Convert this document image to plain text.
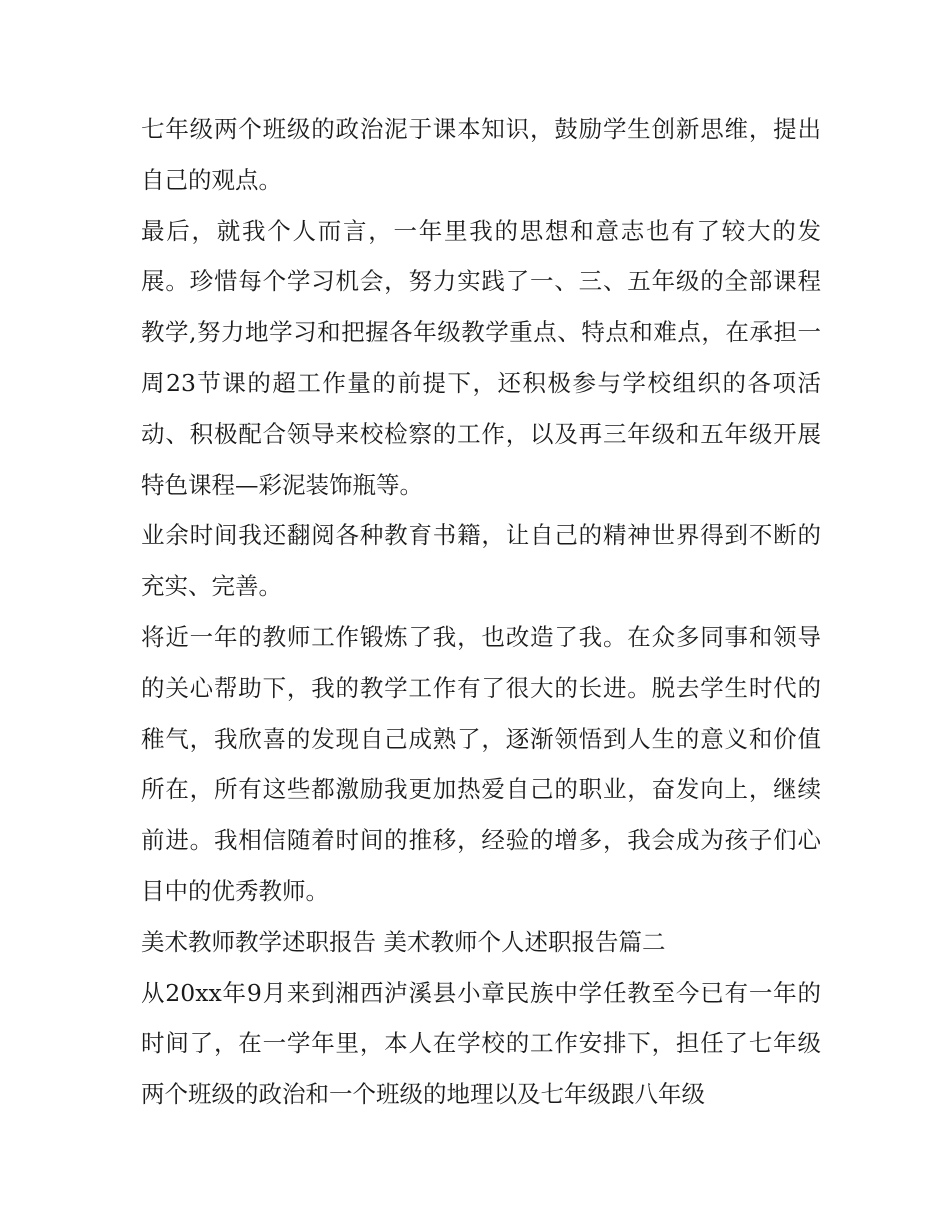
七年级两个班级的政治泥于课本知识，鼓励学生创新思维，提出自己的观点。

最后，就我个人而言，一年里我的思想和意志也有了较大的发展。珍惜每个学习机会，努力实践了一、三、五年级的全部课程教学,努力地学习和把握各年级教学重点、特点和难点，在承担一周23节课的超工作量的前提下，还积极参与学校组织的各项活动、积极配合领导来校检察的工作，以及再三年级和五年级开展特色课程—彩泥装饰瓶等。

业余时间我还翻阅各种教育书籍，让自己的精神世界得到不断的充实、完善。

将近一年的教师工作锻炼了我，也改造了我。在众多同事和领导的关心帮助下，我的教学工作有了很大的长进。脱去学生时代的稚气，我欣喜的发现自己成熟了，逐渐领悟到人生的意义和价值所在，所有这些都激励我更加热爱自己的职业，奋发向上，继续前进。我相信随着时间的推移，经验的增多，我会成为孩子们心目中的优秀教师。

美术教师教学述职报告 美术教师个人述职报告篇二

从20xx年9月来到湘西泸溪县小章民族中学任教至今已有一年的时间了，在一学年里，本人在学校的工作安排下，担任了七年级两个班级的政治和一个班级的地理以及七年级跟八年级
